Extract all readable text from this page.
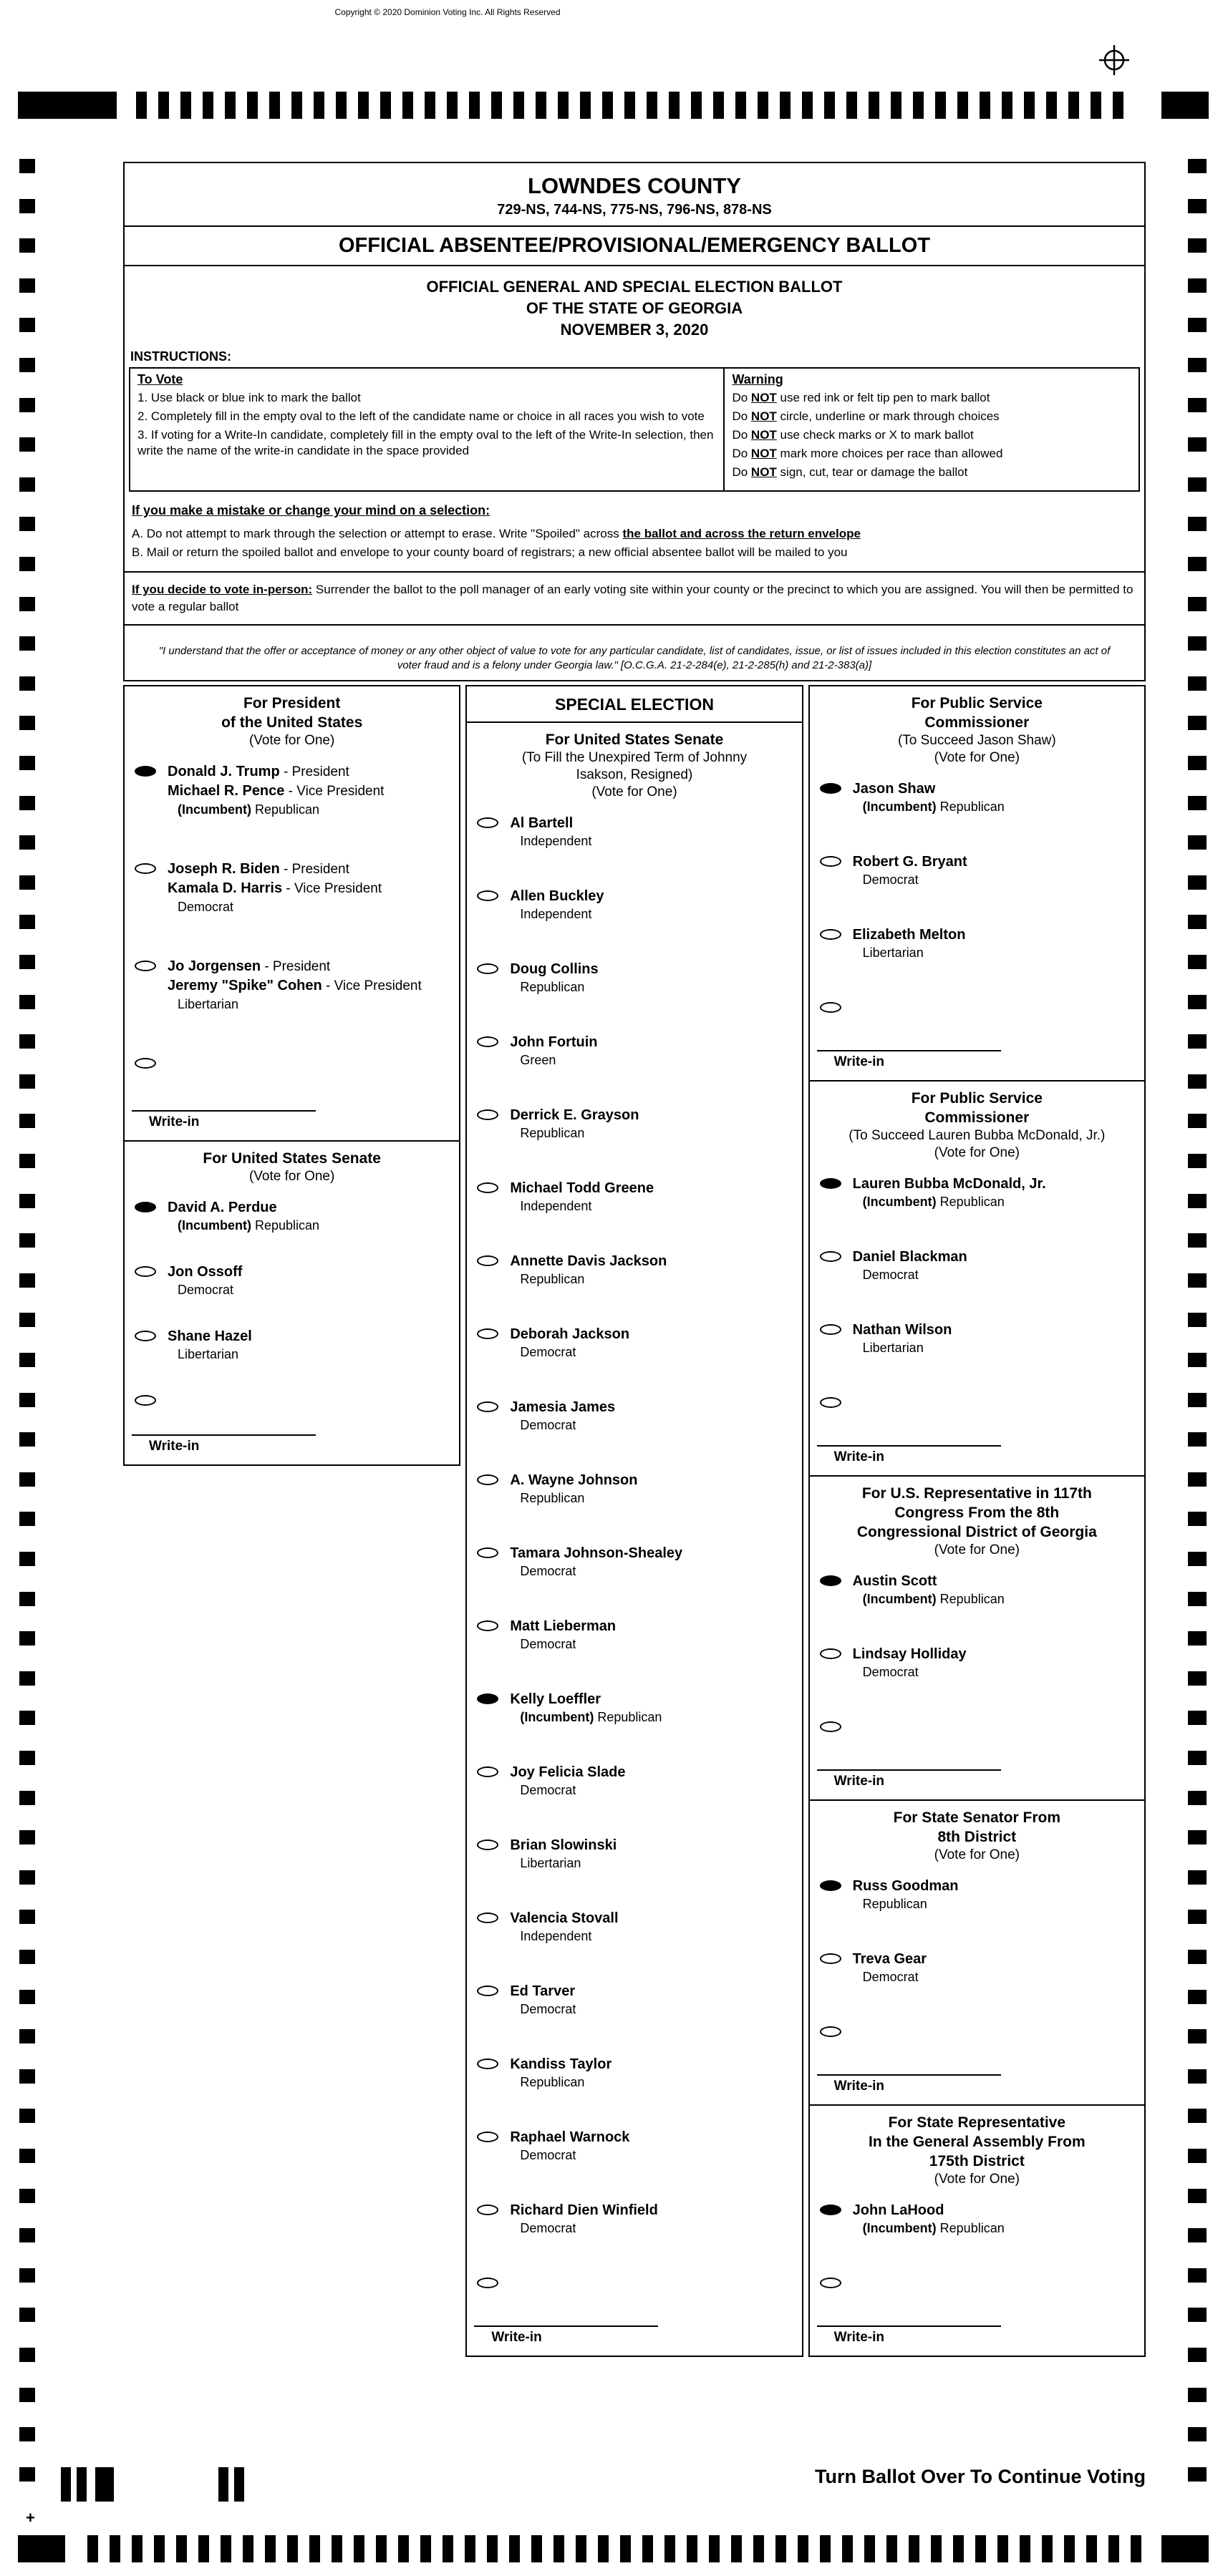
Copyright © 2020 Dominion Voting Inc. All Rights Reserved
LOWNDES COUNTY
729-NS, 744-NS, 775-NS, 796-NS, 878-NS
OFFICIAL ABSENTEE/PROVISIONAL/EMERGENCY BALLOT
OFFICIAL GENERAL AND SPECIAL ELECTION BALLOT
OF THE STATE OF GEORGIA
NOVEMBER 3, 2020
INSTRUCTIONS:
To Vote
1. Use black or blue ink to mark the ballot
2. Completely fill in the empty oval to the left of the candidate name or choice in all races you wish to vote
3. If voting for a Write-In candidate, completely fill in the empty oval to the left of the Write-In selection, then write the name of the write-in candidate in the space provided
Warning
Do NOT use red ink or felt tip pen to mark ballot
Do NOT circle, underline or mark through choices
Do NOT use check marks or X to mark ballot
Do NOT mark more choices per race than allowed
Do NOT sign, cut, tear or damage the ballot
If you make a mistake or change your mind on a selection:
A. Do not attempt to mark through the selection or attempt to erase. Write "Spoiled" across the ballot and across the return envelope
B. Mail or return the spoiled ballot and envelope to your county board of registrars; a new official absentee ballot will be mailed to you
If you decide to vote in-person: Surrender the ballot to the poll manager of an early voting site within your county or the precinct to which you are assigned. You will then be permitted to vote a regular ballot
"I understand that the offer or acceptance of money or any other object of value to vote for any particular candidate, list of candidates, issue, or list of issues included in this election constitutes an act of voter fraud and is a felony under Georgia law." [O.C.G.A. 21-2-284(e), 21-2-285(h) and 21-2-383(a)]
For President
of the United States
(Vote for One)
Donald J. Trump - President
Michael R. Pence - Vice President
(Incumbent) Republican
Joseph R. Biden - President
Kamala D. Harris - Vice President
Democrat
Jo Jorgensen - President
Jeremy "Spike" Cohen - Vice President
Libertarian
Write-in
For United States Senate
(Vote for One)
David A. Perdue
(Incumbent) Republican
Jon Ossoff
Democrat
Shane Hazel
Libertarian
Write-in
SPECIAL ELECTION
For United States Senate
(To Fill the Unexpired Term of Johnny
Isakson, Resigned)
(Vote for One)
Al Bartell
Independent
Allen Buckley
Independent
Doug Collins
Republican
John Fortuin
Green
Derrick E. Grayson
Republican
Michael Todd Greene
Independent
Annette Davis Jackson
Republican
Deborah Jackson
Democrat
Jamesia James
Democrat
A. Wayne Johnson
Republican
Tamara Johnson-Shealey
Democrat
Matt Lieberman
Democrat
Kelly Loeffler
(Incumbent) Republican
Joy Felicia Slade
Democrat
Brian Slowinski
Libertarian
Valencia Stovall
Independent
Ed Tarver
Democrat
Kandiss Taylor
Republican
Raphael Warnock
Democrat
Richard Dien Winfield
Democrat
Write-in
For Public Service
Commissioner
(To Succeed Jason Shaw)
(Vote for One)
Jason Shaw
(Incumbent) Republican
Robert G. Bryant
Democrat
Elizabeth Melton
Libertarian
Write-in
For Public Service
Commissioner
(To Succeed Lauren Bubba McDonald, Jr.)
(Vote for One)
Lauren Bubba McDonald, Jr.
(Incumbent) Republican
Daniel Blackman
Democrat
Nathan Wilson
Libertarian
Write-in
For U.S. Representative in 117th
Congress From the 8th
Congressional District of Georgia
(Vote for One)
Austin Scott
(Incumbent) Republican
Lindsay Holliday
Democrat
Write-in
For State Senator From
8th District
(Vote for One)
Russ Goodman
Republican
Treva Gear
Democrat
Write-in
For State Representative
In the General Assembly From
175th District
(Vote for One)
John LaHood
(Incumbent) Republican
Write-in
Turn Ballot Over To Continue Voting
+
